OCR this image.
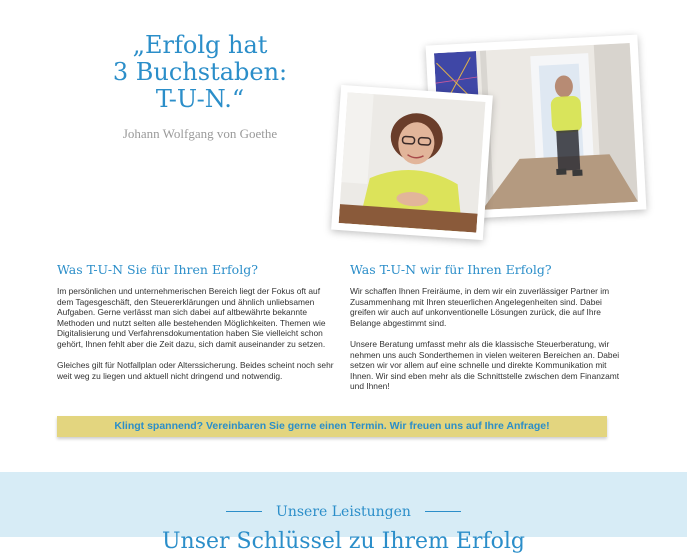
„Erfolg hat
3 Buchstaben:
T-U-N.“
Johann Wolfgang von Goethe
Was T-U-N Sie für Ihren Erfolg?

Im persönlichen und unternehmerischen Bereich liegt der Fokus oft auf dem Tagesgeschäft, den Steuererklärungen und ähnlich unliebsamen Aufgaben. Gerne verlässt man sich dabei auf altbewährte bekannte Methoden und nutzt selten alle bestehenden Möglichkeiten. Themen wie Digitalisierung und Verfahrensdokumentation haben Sie vielleicht schon gehört, Ihnen fehlt aber die Zeit dazu, sich damit auseinander zu setzen.

Gleiches gilt für Notfallplan oder Alterssicherung. Beides scheint noch sehr weit weg zu liegen und aktuell nicht dringend und notwendig.

Was T-U-N wir für Ihren Erfolg?

Wir schaffen Ihnen Freiräume, in dem wir ein zuverlässiger Partner im Zusammenhang mit Ihren steuerlichen Angelegenheiten sind. Dabei greifen wir auch auf unkonventionelle Lösungen zurück, die auf Ihre Belange abgestimmt sind.

Unsere Beratung umfasst mehr als die klassische Steuerberatung, wir nehmen uns auch Sonderthemen in vielen weiteren Bereichen an. Dabei setzen wir vor allem auf eine schnelle und direkte Kommunikation mit Ihnen. Wir sind eben mehr als die Schnittstelle zwischen dem Finanzamt und Ihnen!

Klingt spannend? Vereinbaren Sie gerne einen Termin. Wir freuen uns auf Ihre Anfrage!
Unsere Leistungen
Unser Schlüssel zu Ihrem Erfolg
